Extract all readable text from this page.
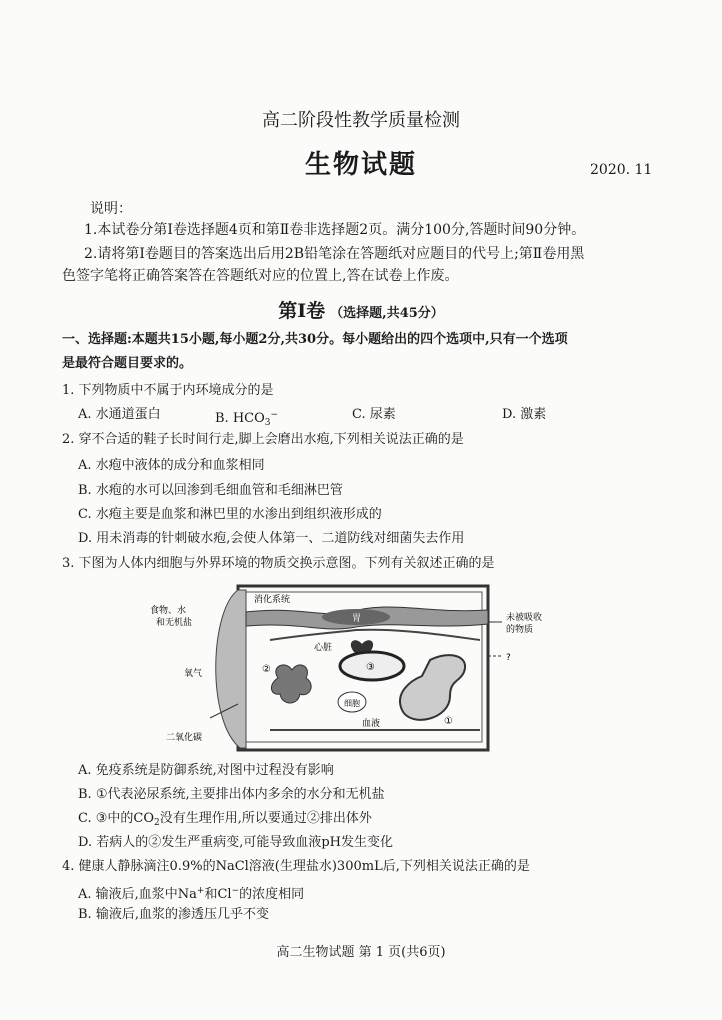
高二阶段性教学质量检测
生物试题	2020. 11
说明：
1.本试卷分第Ⅰ卷选择题4页和第Ⅱ卷非选择题2页。满分100分,答题时间90分钟。
2.请将第Ⅰ卷题目的答案选出后用2B铅笔涂在答题纸对应题目的代号上;第Ⅱ卷用黑
色签字笔将正确答案答在答题纸对应的位置上,答在试卷上作废。
第Ⅰ卷 （选择题,共45分）
一、选择题:本题共15小题,每小题2分,共30分。每小题给出的四个选项中,只有一个选项
是最符合题目要求的。
1. 下列物质中不属于内环境成分的是
A. 水通道蛋白	B. $HCO_3^-$	C. 尿素	D. 激素
2. 穿不合适的鞋子长时间行走,脚上会磨出水疱,下列相关说法正确的是
A. 水疱中液体的成分和血浆相同
B. 水疱的水可以回渗到毛细血管和毛细淋巴管
C. 水疱主要是血浆和淋巴里的水渗出到组织液形成的
D. 用未消毒的针刺破水疱,会使人体第一、二道防线对细菌失去作用
3. 下图为人体内细胞与外界环境的物质交换示意图。下列有关叙述正确的是
食物、水
和无机盐
氧气
二氧化碳
消化系统
胃
心脏
③
②
①
细胞
血液
未被吸收
的物质
?
A. 免疫系统是防御系统,对图中过程没有影响
B. ①代表泌尿系统,主要排出体内多余的水分和无机盐
C. ③中的$CO_2$没有生理作用,所以要通过②排出体外
D. 若病人的②发生严重病变,可能导致血液pH发生变化
4. 健康人静脉滴注0.9%的NaCl溶液(生理盐水)300mL后,下列相关说法正确的是
A. 输液后,血浆中Na+和Cl−的浓度相同
B. 输液后,血浆的渗透压几乎不变
高二生物试题 第 1 页(共6页)
